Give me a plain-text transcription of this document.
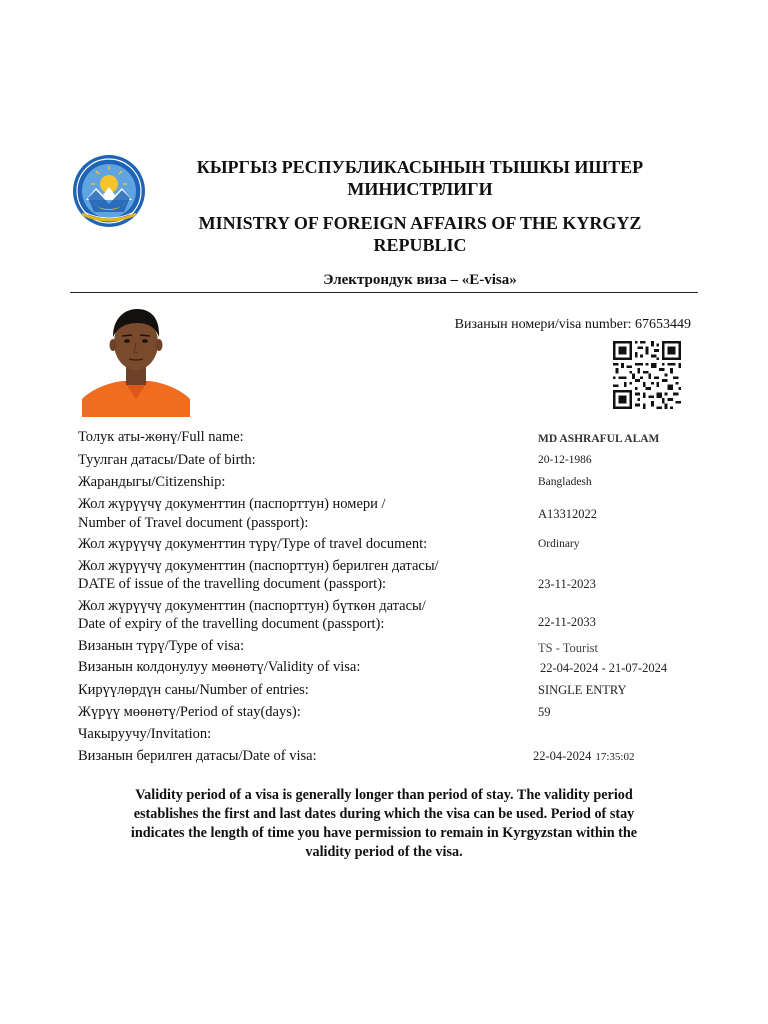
КЫРГЫЗ РЕСПУБЛИКАСЫНЫН ТЫШКЫ ИШТЕР
МИНИСТРЛИГИ
MINISTRY OF FOREIGN AFFAIRS OF THE KYRGYZ
REPUBLIC
Электрондук виза – «E-visa»
Визанын номери/visa number: 67653449
Толук аты-жөнү/Full name:
Туулган датасы/Date of birth:
Жарандыгы/Citizenship:
Жол жүрүүчү документтин (паспорттун) номери /
Number of Travel document (passport):
Жол жүрүүчү документтин түрү/Type of travel document:
Жол жүрүүчү документтин (паспорттун) берилген датасы/
DATE of issue of the travelling document (passport):
Жол жүрүүчү документтин (паспорттун) бүткөн датасы/
Date of expiry of the travelling document (passport):
Визанын түрү/Type of visa:
Визанын колдонулуу мөөнөтү/Validity of visa:
Кирүүлөрдүн саны/Number of entries:
Жүрүү мөөнөтү/Period of stay(days):
Чакыруучу/Invitation:
Визанын берилген датасы/Date of visa:
MD ASHRAFUL ALAM
20-12-1986
Bangladesh
A13312022
Ordinary
23-11-2023
22-11-2033
TS - Tourist
22-04-2024 - 21-07-2024
SINGLE ENTRY
59
22-04-2024 17:35:02
Validity period of a visa is generally longer than period of stay. The validity period
establishes the first and last dates during which the visa can be used. Period of stay
indicates the length of time you have permission to remain in Kyrgyzstan within the
validity period of the visa.
